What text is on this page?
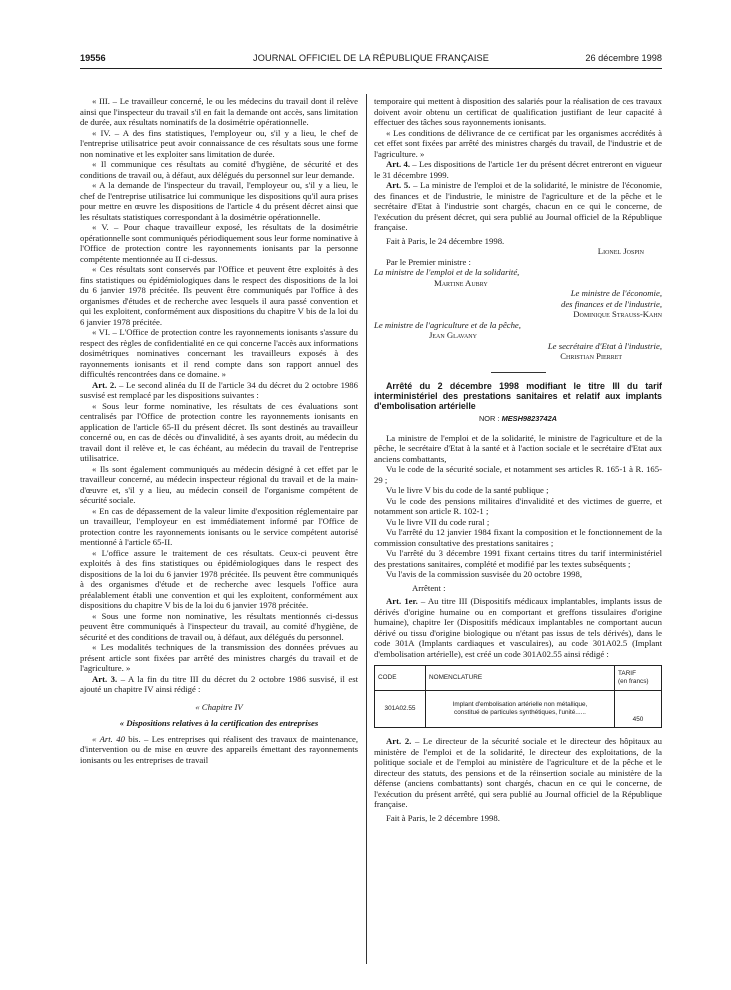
19556	JOURNAL OFFICIEL DE LA RÉPUBLIQUE FRANÇAISE	26 décembre 1998

« III. – Le travailleur concerné, le ou les médecins du travail dont il relève ainsi que l'inspecteur du travail s'il en fait la demande ont accès, sans limitation de durée, aux résultats nominatifs de la dosimétrie opérationnelle.

« IV. – A des fins statistiques, l'employeur ou, s'il y a lieu, le chef de l'entreprise utilisatrice peut avoir connaissance de ces résultats sous une forme non nominative et les exploiter sans limitation de durée.

« Il communique ces résultats au comité d'hygiène, de sécurité et des conditions de travail ou, à défaut, aux délégués du personnel sur leur demande.

« A la demande de l'inspecteur du travail, l'employeur ou, s'il y a lieu, le chef de l'entreprise utilisatrice lui communique les dispositions qu'il aura prises pour mettre en œuvre les dispositions de l'article 4 du présent décret ainsi que les résultats statistiques correspondant à la dosimétrie opérationnelle.

« V. – Pour chaque travailleur exposé, les résultats de la dosimétrie opérationnelle sont communiqués périodiquement sous leur forme nominative à l'Office de protection contre les rayonnements ionisants par la personne compétente mentionnée au II ci-dessus.

« Ces résultats sont conservés par l'Office et peuvent être exploités à des fins statistiques ou épidémiologiques dans le respect des dispositions de la loi du 6 janvier 1978 précitée. Ils peuvent être communiqués par l'office à des organismes d'études et de recherche avec lesquels il aura passé convention et qui les exploitent, conformément aux dispositions du chapitre V bis de la loi du 6 janvier 1978 précitée.

« VI. – L'Office de protection contre les rayonnements ionisants s'assure du respect des règles de confidentialité en ce qui concerne l'accès aux informations dosimétriques nominatives concernant les travailleurs exposés à des rayonnements ionisants et il rend compte dans son rapport annuel des difficultés rencontrées dans ce domaine. »

Art. 2. – Le second alinéa du II de l'article 34 du décret du 2 octobre 1986 susvisé est remplacé par les dispositions suivantes :

« Sous leur forme nominative, les résultats de ces évaluations sont centralisés par l'Office de protection contre les rayonnements ionisants en application de l'article 65-II du présent décret. Ils sont destinés au travailleur concerné ou, en cas de décès ou d'invalidité, à ses ayants droit, au médecin du travail dont il relève et, le cas échéant, au médecin du travail de l'entreprise utilisatrice.

« Ils sont également communiqués au médecin désigné à cet effet par le travailleur concerné, au médecin inspecteur régional du travail et de la main-d'œuvre et, s'il y a lieu, au médecin conseil de l'organisme compétent de sécurité sociale.

« En cas de dépassement de la valeur limite d'exposition réglementaire par un travailleur, l'employeur en est immédiatement informé par l'Office de protection contre les rayonnements ionisants ou le service compétent autorisé mentionné à l'article 65-II.

« L'office assure le traitement de ces résultats. Ceux-ci peuvent être exploités à des fins statistiques ou épidémiologiques dans le respect des dispositions de la loi du 6 janvier 1978 précitée. Ils peuvent être communiqués à des organismes d'étude et de recherche avec lesquels l'office aura préalablement établi une convention et qui les exploitent, conformément aux dispositions du chapitre V bis de la loi du 6 janvier 1978 précitée.

« Sous une forme non nominative, les résultats mentionnés ci-dessus peuvent être communiqués à l'inspecteur du travail, au comité d'hygiène, de sécurité et des conditions de travail ou, à défaut, aux délégués du personnel.

« Les modalités techniques de la transmission des données prévues au présent article sont fixées par arrêté des ministres chargés du travail et de l'agriculture. »

Art. 3. – A la fin du titre III du décret du 2 octobre 1986 susvisé, il est ajouté un chapitre IV ainsi rédigé :

« Chapitre IV
« Dispositions relatives à la certification des entreprises

« Art. 40 bis. – Les entreprises qui réalisent des travaux de maintenance, d'intervention ou de mise en œuvre des appareils émettant des rayonnements ionisants ou les entreprises de travail

temporaire qui mettent à disposition des salariés pour la réalisation de ces travaux doivent avoir obtenu un certificat de qualification justifiant de leur capacité à effectuer des tâches sous rayonnements ionisants.

« Les conditions de délivrance de ce certificat par les organismes accrédités à cet effet sont fixées par arrêté des ministres chargés du travail, de l'industrie et de l'agriculture. »

Art. 4. – Les dispositions de l'article 1er du présent décret entreront en vigueur le 31 décembre 1999.

Art. 5. – La ministre de l'emploi et de la solidarité, le ministre de l'économie, des finances et de l'industrie, le ministre de l'agriculture et de la pêche et le secrétaire d'Etat à l'industrie sont chargés, chacun en ce qui le concerne, de l'exécution du présent décret, qui sera publié au Journal officiel de la République française.

Fait à Paris, le 24 décembre 1998.

Lionel Jospin

Par le Premier ministre :

La ministre de l'emploi et de la solidarité,

Martine Aubry

Le ministre de l'économie,

des finances et de l'industrie,

Dominique Strauss-Kahn

Le ministre de l'agriculture et de la pêche,

Jean Glavany

Le secrétaire d'Etat à l'industrie,

Christian Pierret

Arrêté du 2 décembre 1998 modifiant le titre III du tarif interministériel des prestations sanitaires et relatif aux implants d'embolisation artérielle

NOR : MESH9823742A

La ministre de l'emploi et de la solidarité, le ministre de l'agriculture et de la pêche, le secrétaire d'Etat à la santé et à l'action sociale et le secrétaire d'Etat aux anciens combattants,

Vu le code de la sécurité sociale, et notamment ses articles R. 165-1 à R. 165-29 ;

Vu le livre V bis du code de la santé publique ;

Vu le code des pensions militaires d'invalidité et des victimes de guerre, et notamment son article R. 102-1 ;

Vu le livre VII du code rural ;

Vu l'arrêté du 12 janvier 1984 fixant la composition et le fonctionnement de la commission consultative des prestations sanitaires ;

Vu l'arrêté du 3 décembre 1991 fixant certains titres du tarif interministériel des prestations sanitaires, complété et modifié par les textes subséquents ;

Vu l'avis de la commission susvisée du 20 octobre 1998,

Arrêtent :

Art. 1er. – Au titre III (Dispositifs médicaux implantables, implants issus de dérivés d'origine humaine ou en comportant et greffons tissulaires d'origine humaine), chapitre Ier (Dispositifs médicaux implantables ne comportant aucun dérivé ou tissu d'origine biologique ou n'étant pas issus de tels dérivés), dans le code 301A (Implants cardiaques et vasculaires), au code 301A02.5 (Implant d'embolisation artérielle), est créé un code 301A02.55 ainsi rédigé :

CODE	NOMENCLATURE	TARIF
(en francs)
301A02.55	Implant d'embolisation artérielle non métallique,
constitué de particules synthétiques, l'unité......	450

Art. 2. – Le directeur de la sécurité sociale et le directeur des hôpitaux au ministère de l'emploi et de la solidarité, le directeur des exploitations, de la politique sociale et de l'emploi au ministère de l'agriculture et de la pêche et le directeur des statuts, des pensions et de la réinsertion sociale au ministère de la défense (anciens combattants) sont chargés, chacun en ce qui le concerne, de l'exécution du présent arrêté, qui sera publié au Journal officiel de la République française.

Fait à Paris, le 2 décembre 1998.
